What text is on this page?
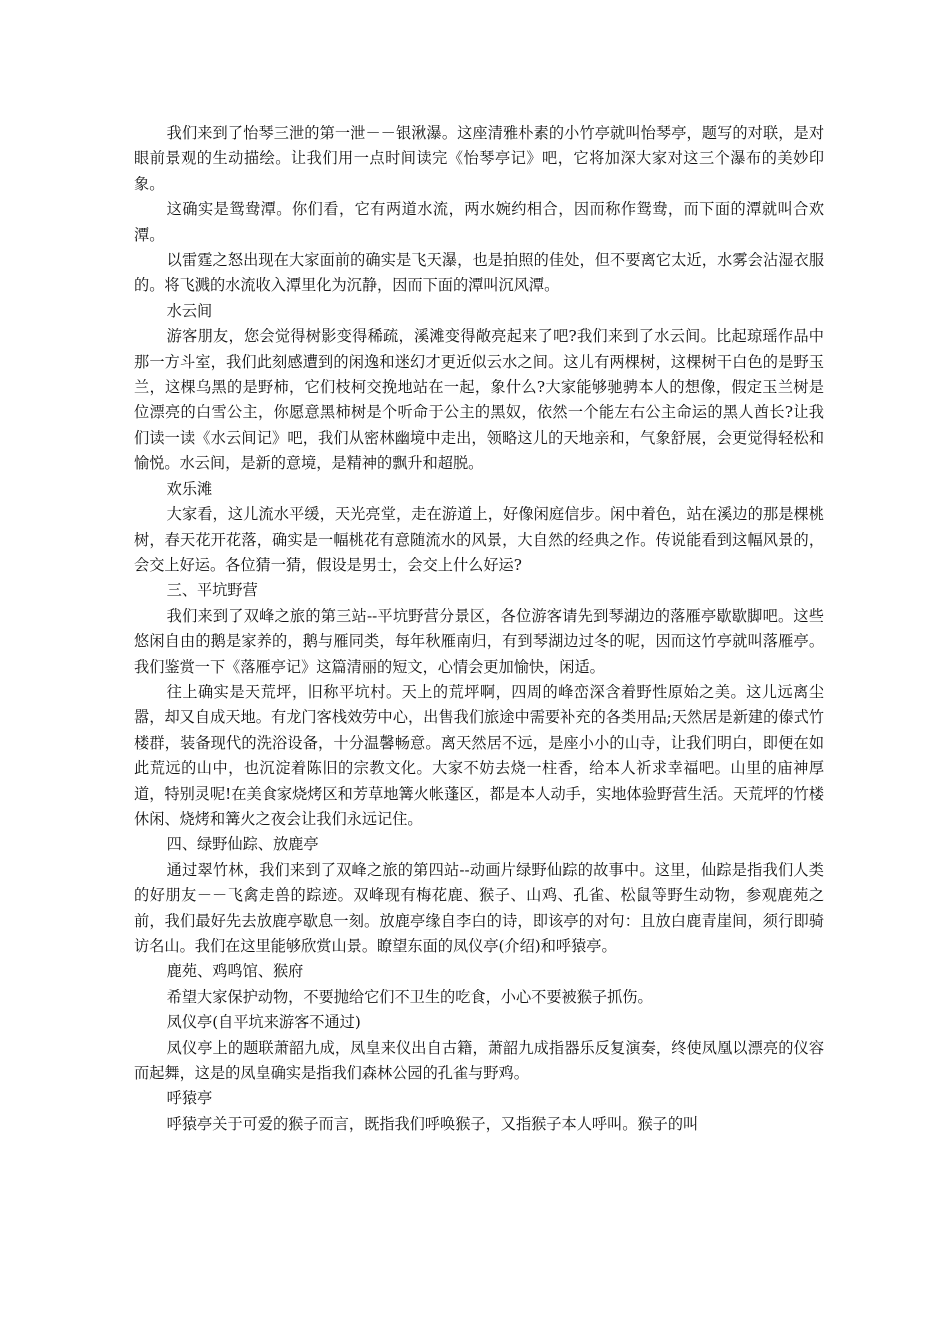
我们来到了怡琴三泄的第一泄－－银湫瀑。这座清雅朴素的小竹亭就叫怡琴亭，题写的对联，是对眼前景观的生动描绘。让我们用一点时间读完《怡琴亭记》吧，它将加深大家对这三个瀑布的美妙印象。

这确实是鸳鸯潭。你们看，它有两道水流，两水婉约相合，因而称作鸳鸯，而下面的潭就叫合欢潭。

以雷霆之怒出现在大家面前的确实是飞天瀑，也是拍照的佳处，但不要离它太近，水雾会沾湿衣服的。将飞溅的水流收入潭里化为沉静，因而下面的潭叫沉风潭。

水云间

游客朋友，您会觉得树影变得稀疏，溪滩变得敞亮起来了吧?我们来到了水云间。比起琼瑶作品中那一方斗室，我们此刻感遭到的闲逸和迷幻才更近似云水之间。这儿有两棵树，这棵树干白色的是野玉兰，这棵乌黑的是野柿，它们枝柯交挽地站在一起，象什么?大家能够驰骋本人的想像，假定玉兰树是位漂亮的白雪公主，你愿意黑柿树是个听命于公主的黑奴，依然一个能左右公主命运的黑人酋长?让我们读一读《水云间记》吧，我们从密林幽境中走出，领略这儿的天地亲和，气象舒展，会更觉得轻松和愉悦。水云间，是新的意境，是精神的飘升和超脱。

欢乐滩

大家看，这儿流水平缓，天光亮堂，走在游道上，好像闲庭信步。闲中着色，站在溪边的那是棵桃树，春天花开花落，确实是一幅桃花有意随流水的风景，大自然的经典之作。传说能看到这幅风景的，会交上好运。各位猜一猜，假设是男士，会交上什么好运?

三、平坑野营

我们来到了双峰之旅的第三站--平坑野营分景区，各位游客请先到琴湖边的落雁亭歇歇脚吧。这些悠闲自由的鹅是家养的，鹅与雁同类，每年秋雁南归，有到琴湖边过冬的呢，因而这竹亭就叫落雁亭。我们鉴赏一下《落雁亭记》这篇清丽的短文，心情会更加愉快，闲适。

往上确实是天荒坪，旧称平坑村。天上的荒坪啊，四周的峰峦深含着野性原始之美。这儿远离尘嚣，却又自成天地。有龙门客栈效劳中心，出售我们旅途中需要补充的各类用品;天然居是新建的傣式竹楼群，装备现代的洗浴设备，十分温馨畅意。离天然居不远，是座小小的山寺，让我们明白，即便在如此荒远的山中，也沉淀着陈旧的宗教文化。大家不妨去烧一柱香，给本人祈求幸福吧。山里的庙神厚道，特别灵呢!在美食家烧烤区和芳草地篝火帐蓬区，都是本人动手，实地体验野营生活。天荒坪的竹楼休闲、烧烤和篝火之夜会让我们永远记住。

四、绿野仙踪、放鹿亭

通过翠竹林，我们来到了双峰之旅的第四站--动画片绿野仙踪的故事中。这里，仙踪是指我们人类的好朋友－－飞禽走兽的踪迹。双峰现有梅花鹿、猴子、山鸡、孔雀、松鼠等野生动物，参观鹿苑之前，我们最好先去放鹿亭歇息一刻。放鹿亭缘自李白的诗，即该亭的对句：且放白鹿青崖间，须行即骑访名山。我们在这里能够欣赏山景。瞭望东面的凤仪亭(介绍)和呼猿亭。

鹿苑、鸡鸣馆、猴府

希望大家保护动物，不要抛给它们不卫生的吃食，小心不要被猴子抓伤。

凤仪亭(自平坑来游客不通过)

凤仪亭上的题联萧韶九成，凤皇来仪出自古籍，萧韶九成指器乐反复演奏，终使凤凰以漂亮的仪容而起舞，这是的凤皇确实是指我们森林公园的孔雀与野鸡。

呼猿亭

呼猿亭关于可爱的猴子而言，既指我们呼唤猴子，又指猴子本人呼叫。猴子的叫
